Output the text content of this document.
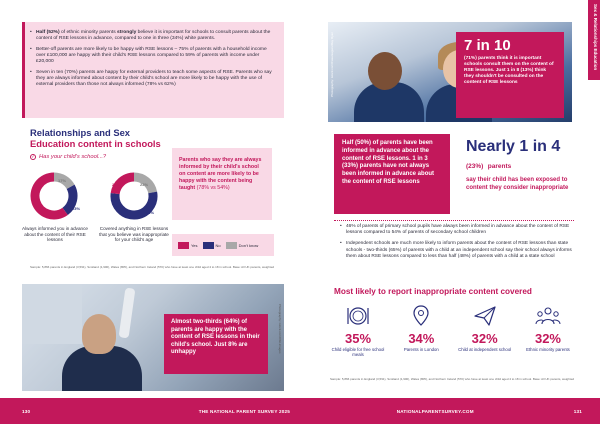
• Half (52%) of ethnic minority parents strongly believe it is important for schools to consult parents about the content of RSE lessons in advance, compared to one in three (34%) white parents.
• Better-off parents are more likely to be happy with RSE lessons – 75% of parents with a household income over £100,000 are happy with their child's RSE lessons compared to 59% of parents with income under £20,000
• Seven in ten (70%) parents are happy for external providers to teach some aspects of RSE. Parents who say they are always informed about content by their child's school are more likely to be happy with the use of external providers than those not always informed (78% vs 62%)
Relationships and Sex
Education content in schools
✓ Has your child's school...?
60%
23%
17%
Always informed you in advance about the content of their RSE lessons
23%
55%
22%
Covered anything in RSE lessons that you believe was inappropriate for your child's age
Parents who say they are always informed by their child's school on content are more likely to be happy with the content being taught (78% vs 54%)
Yes	No	Don't know
Sample: 5,866 parents in England (3,591), Scotland (1,900), Wales (805), and Northern Ireland (570) who have at least one child aged 4 to 18 in school. Base: All UK parents, weighted
Photography: istock.com/DGLimages
Almost two-thirds (64%) of parents are happy with the content of RSE lessons in their child's school. Just 8% are unhappy
130	THE NATIONAL PARENT SURVEY 2025
Photography: istock.com/Casarsaguru/Ray Ryan	7 in 10
(71%) parents think it is important schools consult them on the content of RSE lessons. Just 1 in 8 (13%) think they shouldn't be consulted on the content of RSE lessons
Sex & Relationships Education
Half (50%) of parents have been informed in advance about the content of RSE lessons. 1 in 3 (33%) parents have not always been informed in advance about the content of RSE lessons
Nearly 1 in 4 (23%) parents
say their child has been exposed to content they consider inappropriate
• 46% of parents of primary school pupils have always been informed in advance about the content of RSE lessons compared to 54% of parents of secondary school children
• Independent schools are much more likely to inform parents about the content of RSE lessons than state schools - two-thirds (65%) of parents with a child at an independent school say their school always informs them about RSE lessons compared to less than half (48%) of parents with a child at a state school
Most likely to report inappropriate content covered
35%
Child eligible for free school meals
34%
Parents in London
32%
Child at independent school
32%
Ethnic minority parents
Sample: 5,866 parents in England (3,591), Scotland (1,900), Wales (805), and Northern Ireland (570) who have at least one child aged 4 to 18 in school. Base: All UK parents, weighted
NATIONALPARENTSURVEY.COM	131
